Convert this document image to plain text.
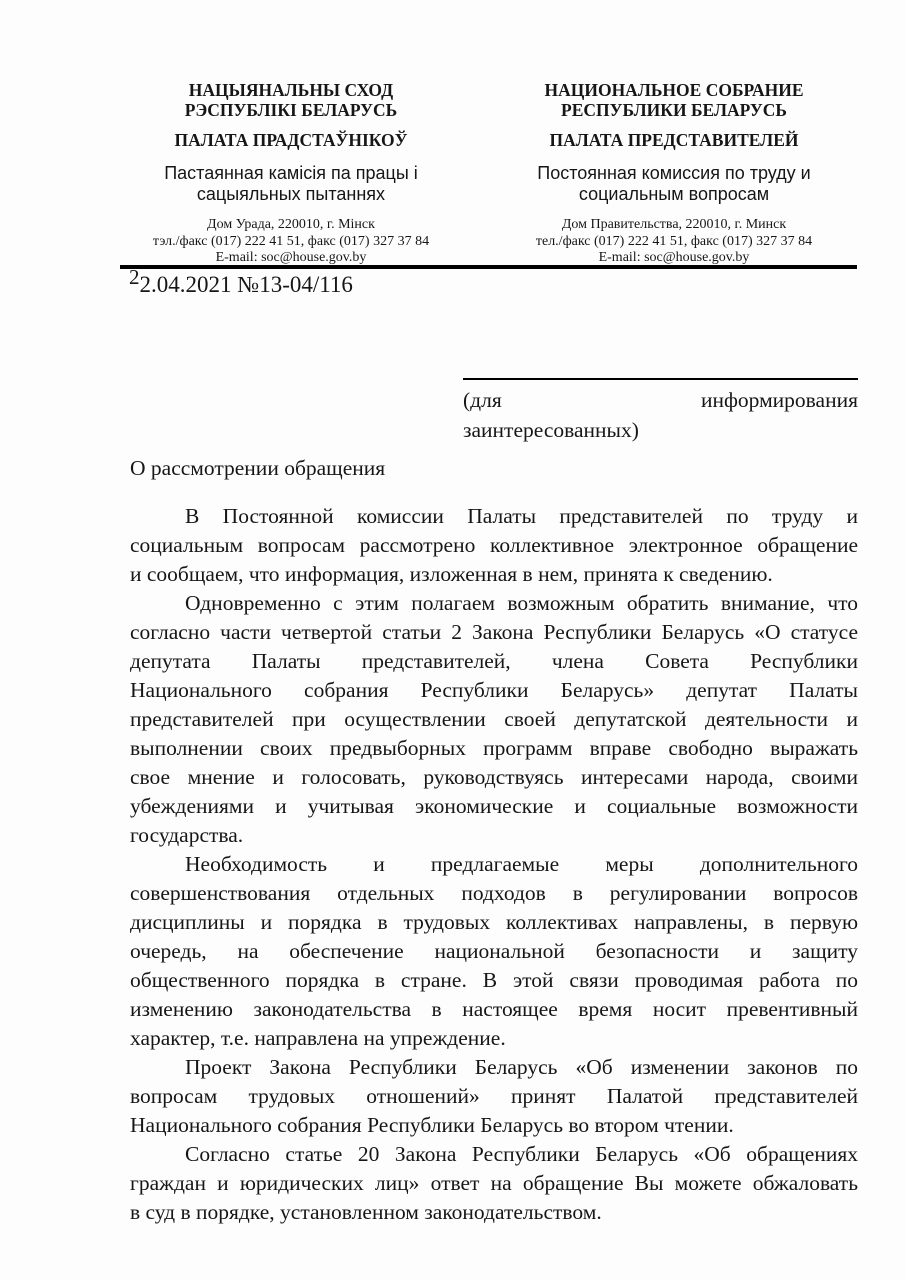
НАЦЫЯНАЛЬНЫ СХОД
РЭСПУБЛІКІ БЕЛАРУСЬ
ПАЛАТА ПРАДСТАЎНІКОЎ
Пастаянная камісія па працы і
сацыяльных пытаннях
Дом Урада, 220010, г. Мінск
тэл./факс (017) 222 41 51, факс (017) 327 37 84
E-mail: soc@house.gov.by
НАЦИОНАЛЬНОЕ СОБРАНИЕ
РЕСПУБЛИКИ БЕЛАРУСЬ
ПАЛАТА ПРЕДСТАВИТЕЛЕЙ
Постоянная комиссия по труду и
социальным вопросам
Дом Правительства, 220010, г. Минск
тел./факс (017) 222 41 51, факс (017) 327 37 84
E-mail: soc@house.gov.by
22.04.2021 №13-04/116
(для информирования
заинтересованных)
О рассмотрении обращения
В Постоянной комиссии Палаты представителей по труду и
социальным вопросам рассмотрено коллективное электронное обращение
и сообщаем, что информация, изложенная в нем, принята к сведению.
Одновременно с этим полагаем возможным обратить внимание, что
согласно части четвертой статьи 2 Закона Республики Беларусь «О статусе
депутата Палаты представителей, члена Совета Республики
Национального собрания Республики Беларусь» депутат Палаты
представителей при осуществлении своей депутатской деятельности и
выполнении своих предвыборных программ вправе свободно выражать
свое мнение и голосовать, руководствуясь интересами народа, своими
убеждениями и учитывая экономические и социальные возможности
государства.
Необходимость и предлагаемые меры дополнительного
совершенствования отдельных подходов в регулировании вопросов
дисциплины и порядка в трудовых коллективах направлены, в первую
очередь, на обеспечение национальной безопасности и защиту
общественного порядка в стране. В этой связи проводимая работа по
изменению законодательства в настоящее время носит превентивный
характер, т.е. направлена на упреждение.
Проект Закона Республики Беларусь «Об изменении законов по
вопросам трудовых отношений» принят Палатой представителей
Национального собрания Республики Беларусь во втором чтении.
Согласно статье 20 Закона Республики Беларусь «Об обращениях
граждан и юридических лиц» ответ на обращение Вы можете обжаловать
в суд в порядке, установленном законодательством.
